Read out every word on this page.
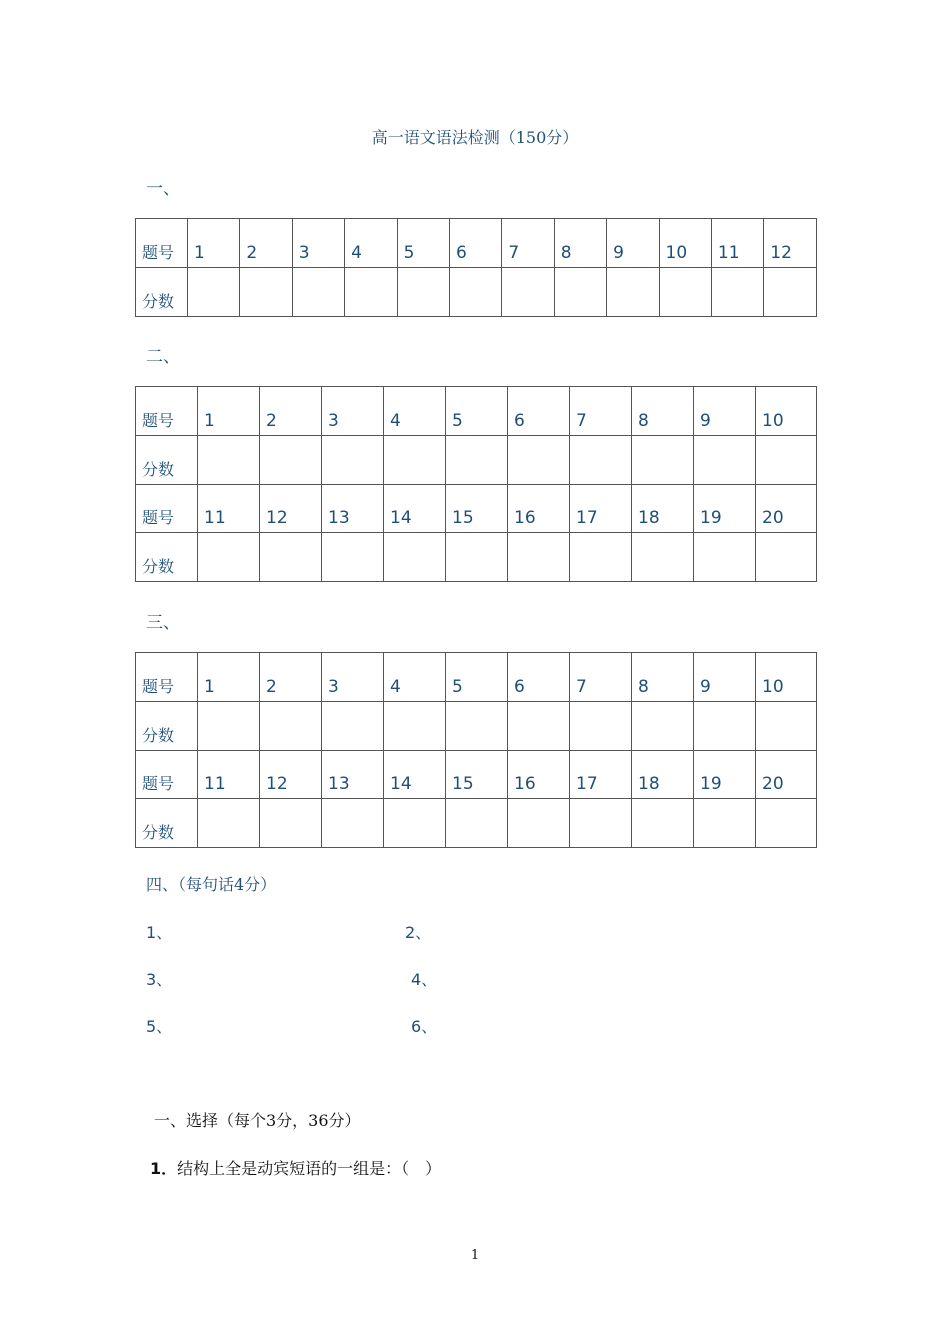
高一语文语法检测（150分）
一、
题号	1	2	3	4	5	6	7	8	9	10	11	12
分数												
二、
题号	1	2	3	4	5	6	7	8	9	10
分数										
题号	11	12	13	14	15	16	17	18	19	20
分数										
三、
题号	1	2	3	4	5	6	7	8	9	10
分数										
题号	11	12	13	14	15	16	17	18	19	20
分数										
四、（每句话4分）
1、	2、
3、	4、
5、	6、
一、选择（每个3分，36分）
1．结构上全是动宾短语的一组是：（　）
1
